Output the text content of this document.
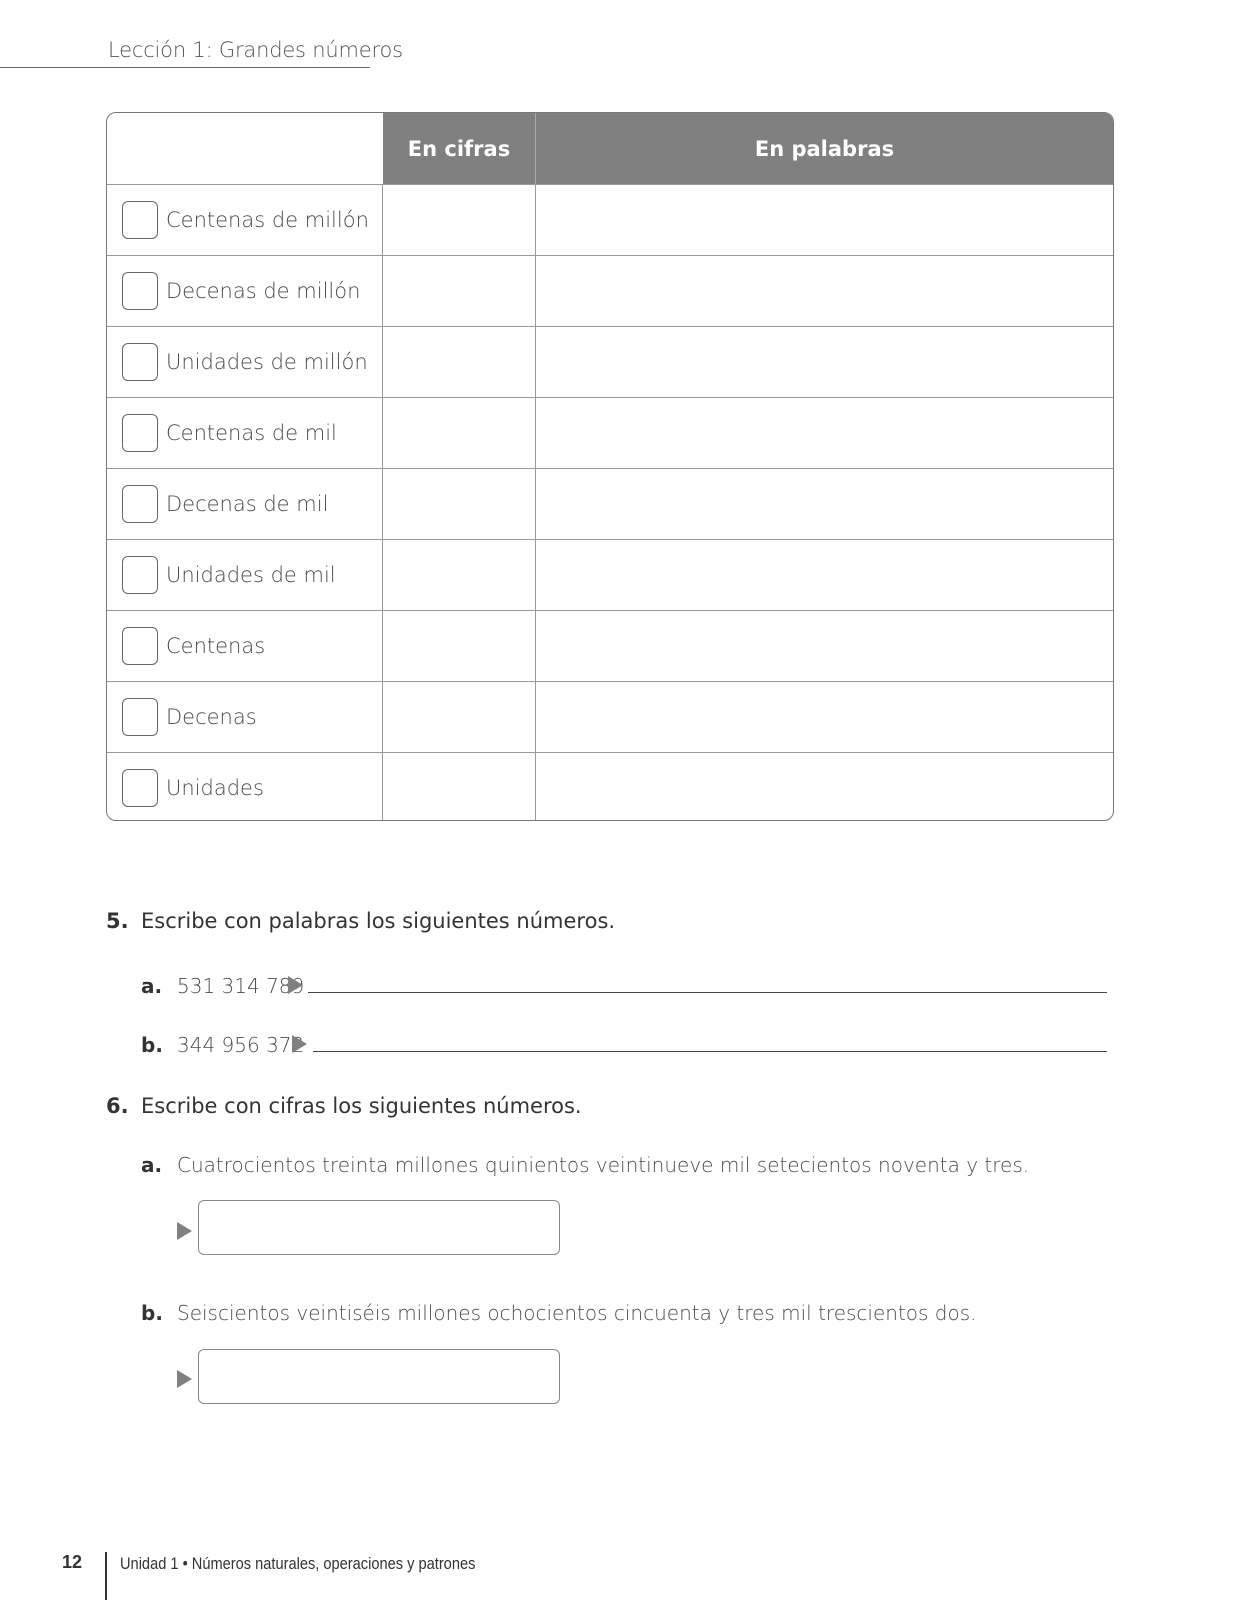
Lección 1: Grandes números
En cifras	En palabras
Centenas de millón
Decenas de millón
Unidades de millón
Centenas de mil
Decenas de mil
Unidades de mil
Centenas
Decenas
Unidades
5. Escribe con palabras los siguientes números.
a. 531 314 789
b. 344 956 372
6. Escribe con cifras los siguientes números.
a. Cuatrocientos treinta millones quinientos veintinueve mil setecientos noventa y tres.
b. Seiscientos veintiséis millones ochocientos cincuenta y tres mil trescientos dos.
12 Unidad 1 • Números naturales, operaciones y patrones
